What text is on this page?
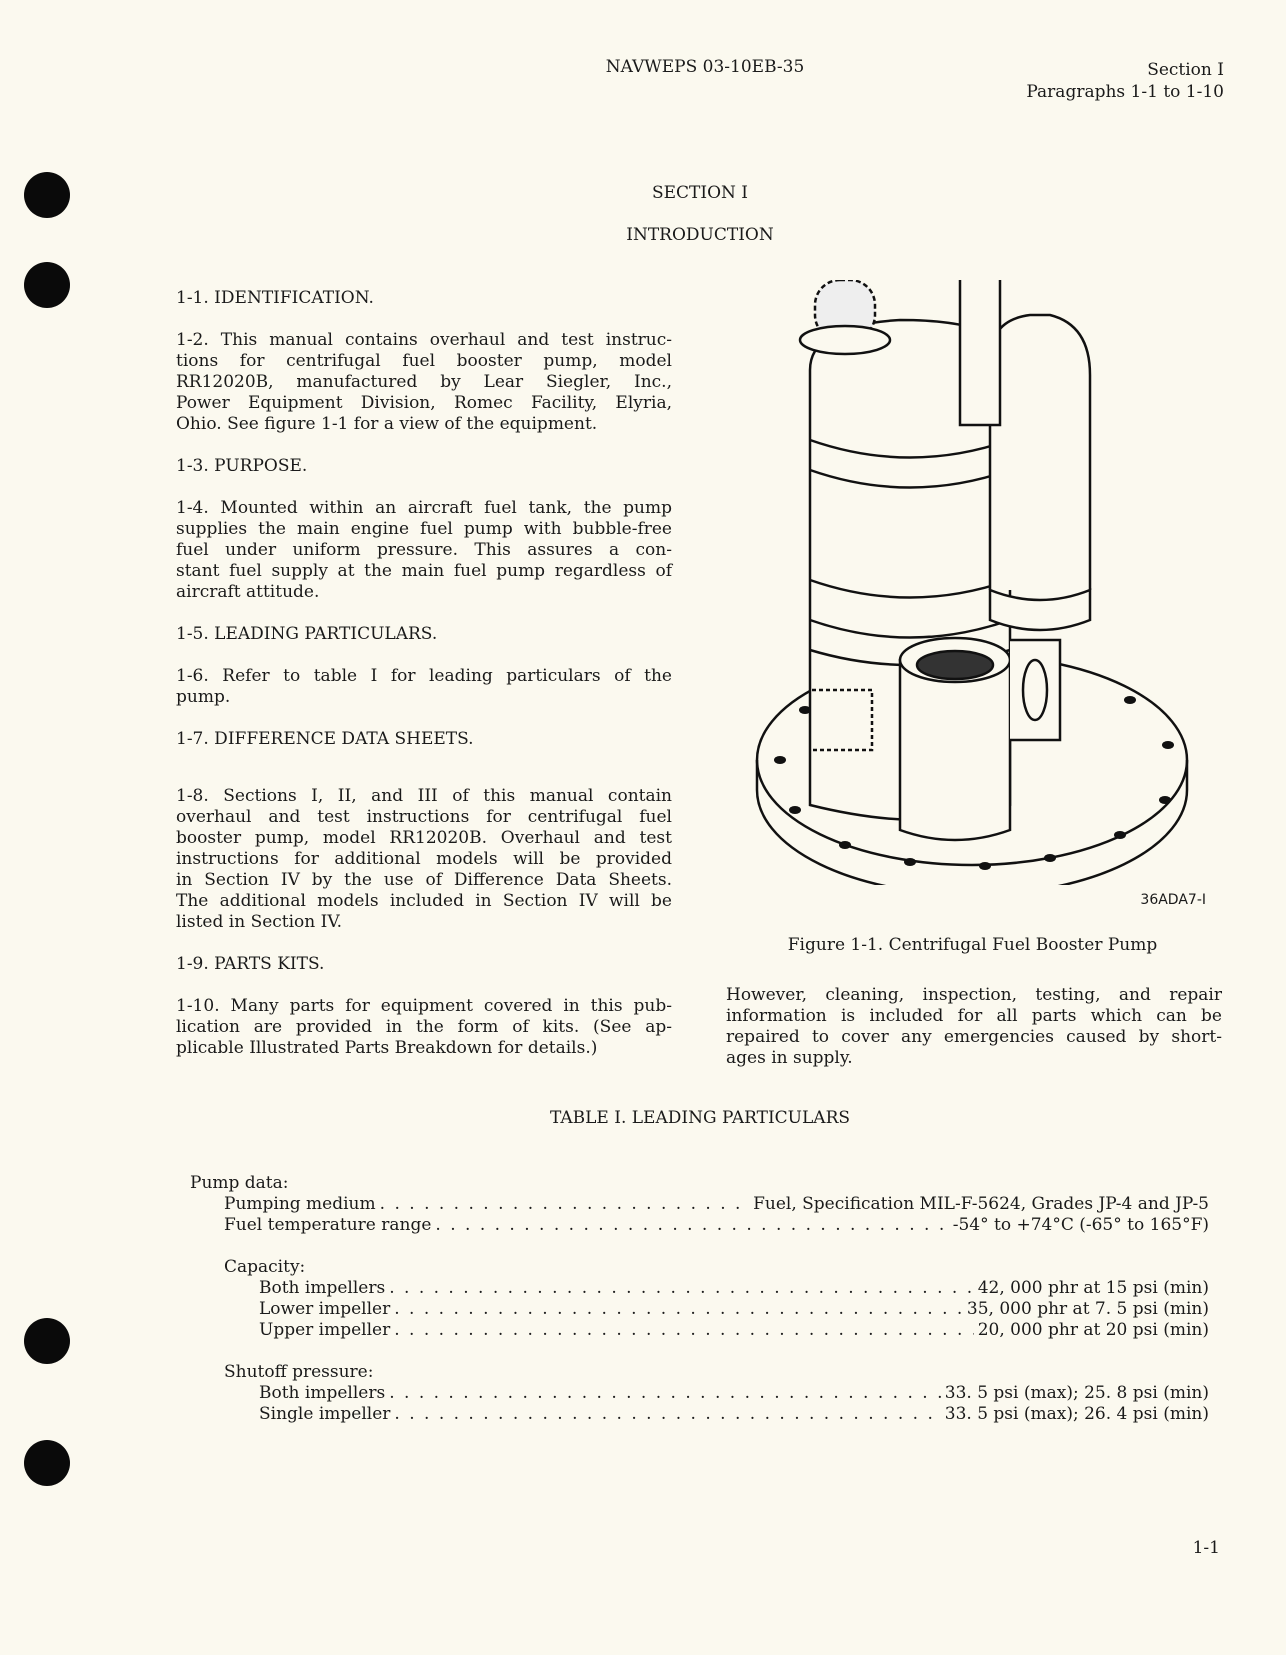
NAVWEPS 03-10EB-35	Section I
Paragraphs 1-1 to 1-10
SECTION I
INTRODUCTION
1-1. IDENTIFICATION.
1-2. This manual contains overhaul and test instruc-
tions for centrifugal fuel booster pump, model
RR12020B, manufactured by Lear Siegler, Inc.,
Power Equipment Division, Romec Facility, Elyria,
Ohio. See figure 1-1 for a view of the equipment.
1-3. PURPOSE.
1-4. Mounted within an aircraft fuel tank, the pump
supplies the main engine fuel pump with bubble-free
fuel under uniform pressure. This assures a con-
stant fuel supply at the main fuel pump regardless of
aircraft attitude.
1-5. LEADING PARTICULARS.
1-6. Refer to table I for leading particulars of the
pump.
1-7. DIFFERENCE DATA SHEETS.
1-8. Sections I, II, and III of this manual contain
overhaul and test instructions for centrifugal fuel
booster pump, model RR12020B. Overhaul and test
instructions for additional models will be provided
in Section IV by the use of Difference Data Sheets.
The additional models included in Section IV will be
listed in Section IV.
1-9. PARTS KITS.
1-10. Many parts for equipment covered in this pub-
lication are provided in the form of kits. (See ap-
plicable Illustrated Parts Breakdown for details.)
36ADA7-I
Figure 1-1. Centrifugal Fuel Booster Pump
However, cleaning, inspection, testing, and repair
information is included for all parts which can be
repaired to cover any emergencies caused by short-
ages in supply.
TABLE I. LEADING PARTICULARS
Pump data:
Pumping medium . . .	Fuel, Specification MIL-F-5624, Grades JP-4 and JP-5
Fuel temperature range . . .	-54° to +74°C (-65° to 165°F)
Capacity:
Both impellers . . .	42, 000 phr at 15 psi (min)
Lower impeller . . .	35, 000 phr at 7. 5 psi (min)
Upper impeller . . .	20, 000 phr at 20 psi (min)
Shutoff pressure:
Both impellers . . .	33. 5 psi (max); 25. 8 psi (min)
Single impeller . . .	33. 5 psi (max); 26. 4 psi (min)
1-1
